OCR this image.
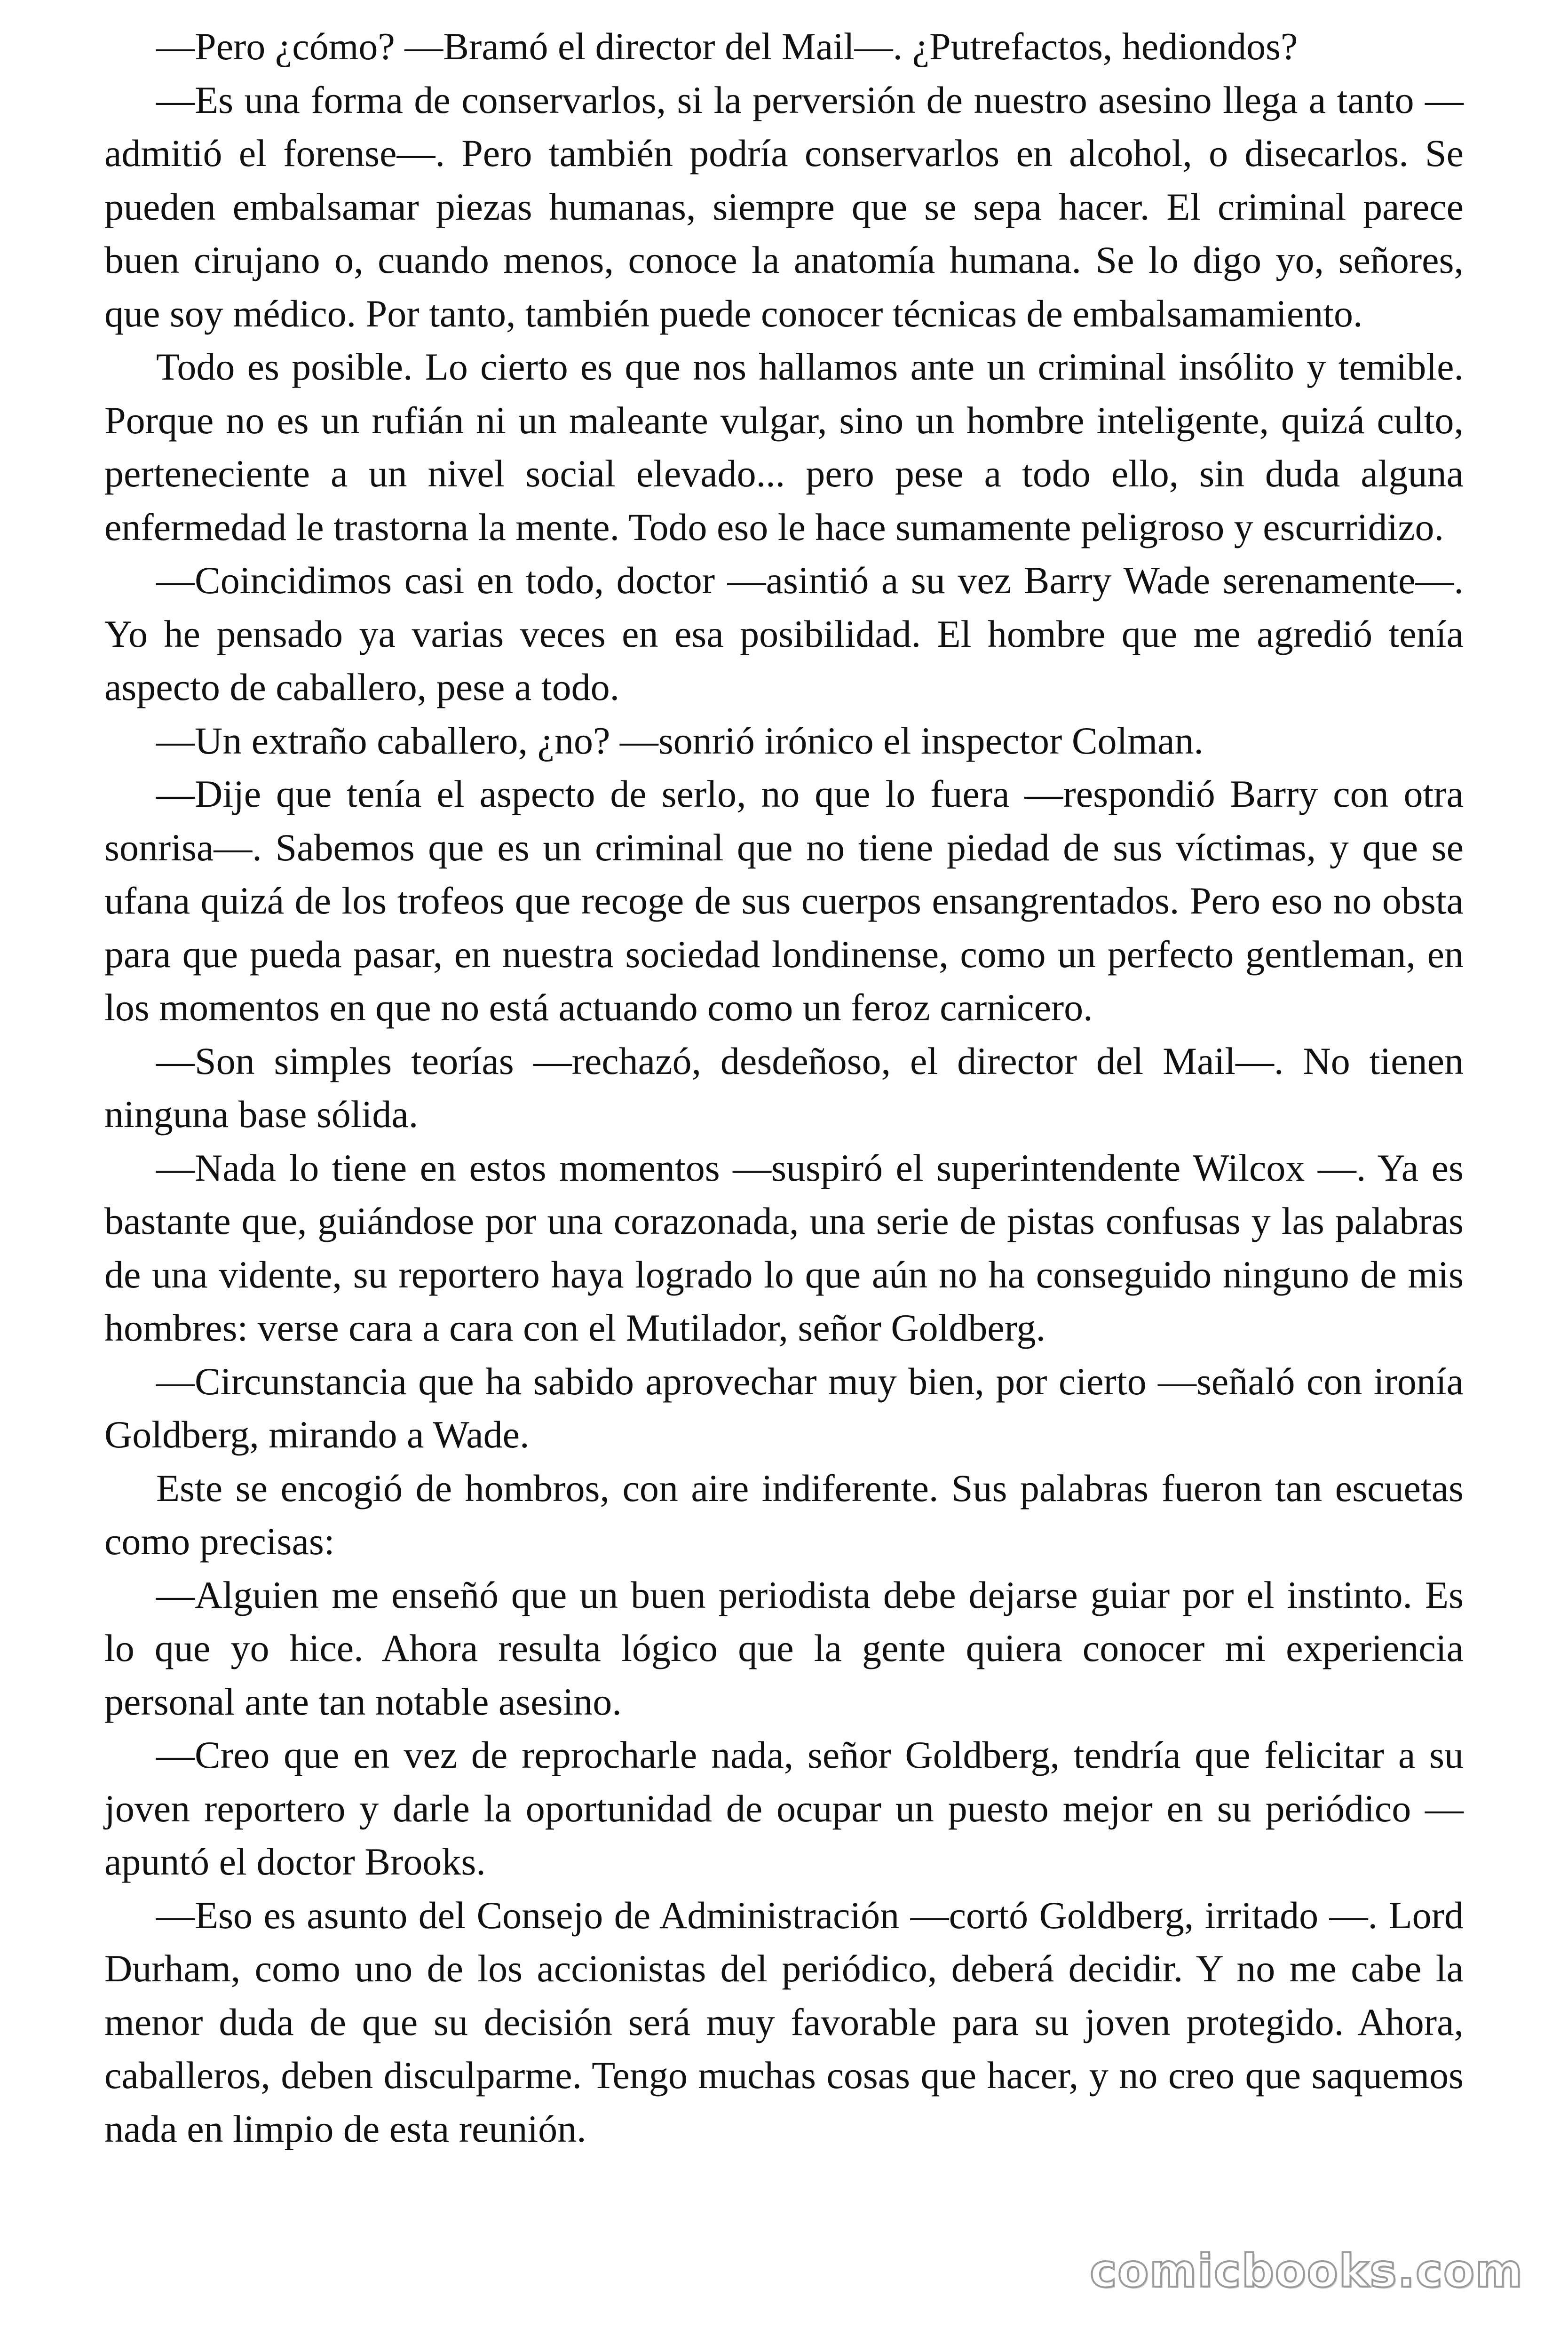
—Pero ¿cómo? —Bramó el director del Mail—. ¿Putrefactos, hediondos?

—Es una forma de conservarlos, si la perversión de nuestro asesino llega a tanto —admitió el forense—. Pero también podría conservarlos en alcohol, o disecarlos. Se pueden embalsamar piezas humanas, siempre que se sepa hacer. El criminal parece buen cirujano o, cuando menos, conoce la anatomía humana. Se lo digo yo, señores, que soy médico. Por tanto, también puede conocer técnicas de embalsamamiento.

Todo es posible. Lo cierto es que nos hallamos ante un criminal insólito y temible. Porque no es un rufián ni un maleante vulgar, sino un hombre inteligente, quizá culto, perteneciente a un nivel social elevado... pero pese a todo ello, sin duda alguna enfermedad le trastorna la mente. Todo eso le hace sumamente peligroso y escurridizo.

—Coincidimos casi en todo, doctor —asintió a su vez Barry Wade serenamente—. Yo he pensado ya varias veces en esa posibilidad. El hombre que me agredió tenía aspecto de caballero, pese a todo.

—Un extraño caballero, ¿no? —sonrió irónico el inspector Colman.

—Dije que tenía el aspecto de serlo, no que lo fuera —respondió Barry con otra sonrisa—. Sabemos que es un criminal que no tiene piedad de sus víctimas, y que se ufana quizá de los trofeos que recoge de sus cuerpos ensangrentados. Pero eso no obsta para que pueda pasar, en nuestra sociedad londinense, como un perfecto gentleman, en los momentos en que no está actuando como un feroz carnicero.

—Son simples teorías —rechazó, desdeñoso, el director del Mail—. No tienen ninguna base sólida.

—Nada lo tiene en estos momentos —suspiró el superintendente Wilcox —. Ya es bastante que, guiándose por una corazonada, una serie de pistas confusas y las palabras de una vidente, su reportero haya logrado lo que aún no ha conseguido ninguno de mis hombres: verse cara a cara con el Mutilador, señor Goldberg.

—Circunstancia que ha sabido aprovechar muy bien, por cierto —señaló con ironía Goldberg, mirando a Wade.

Este se encogió de hombros, con aire indiferente. Sus palabras fueron tan escuetas como precisas:

—Alguien me enseñó que un buen periodista debe dejarse guiar por el instinto. Es lo que yo hice. Ahora resulta lógico que la gente quiera conocer mi experiencia personal ante tan notable asesino.

—Creo que en vez de reprocharle nada, señor Goldberg, tendría que felicitar a su joven reportero y darle la oportunidad de ocupar un puesto mejor en su periódico —apuntó el doctor Brooks.

—Eso es asunto del Consejo de Administración —cortó Goldberg, irritado —. Lord Durham, como uno de los accionistas del periódico, deberá decidir. Y no me cabe la menor duda de que su decisión será muy favorable para su joven protegido. Ahora, caballeros, deben disculparme. Tengo muchas cosas que hacer, y no creo que saquemos nada en limpio de esta reunión.

comicbooks.com
